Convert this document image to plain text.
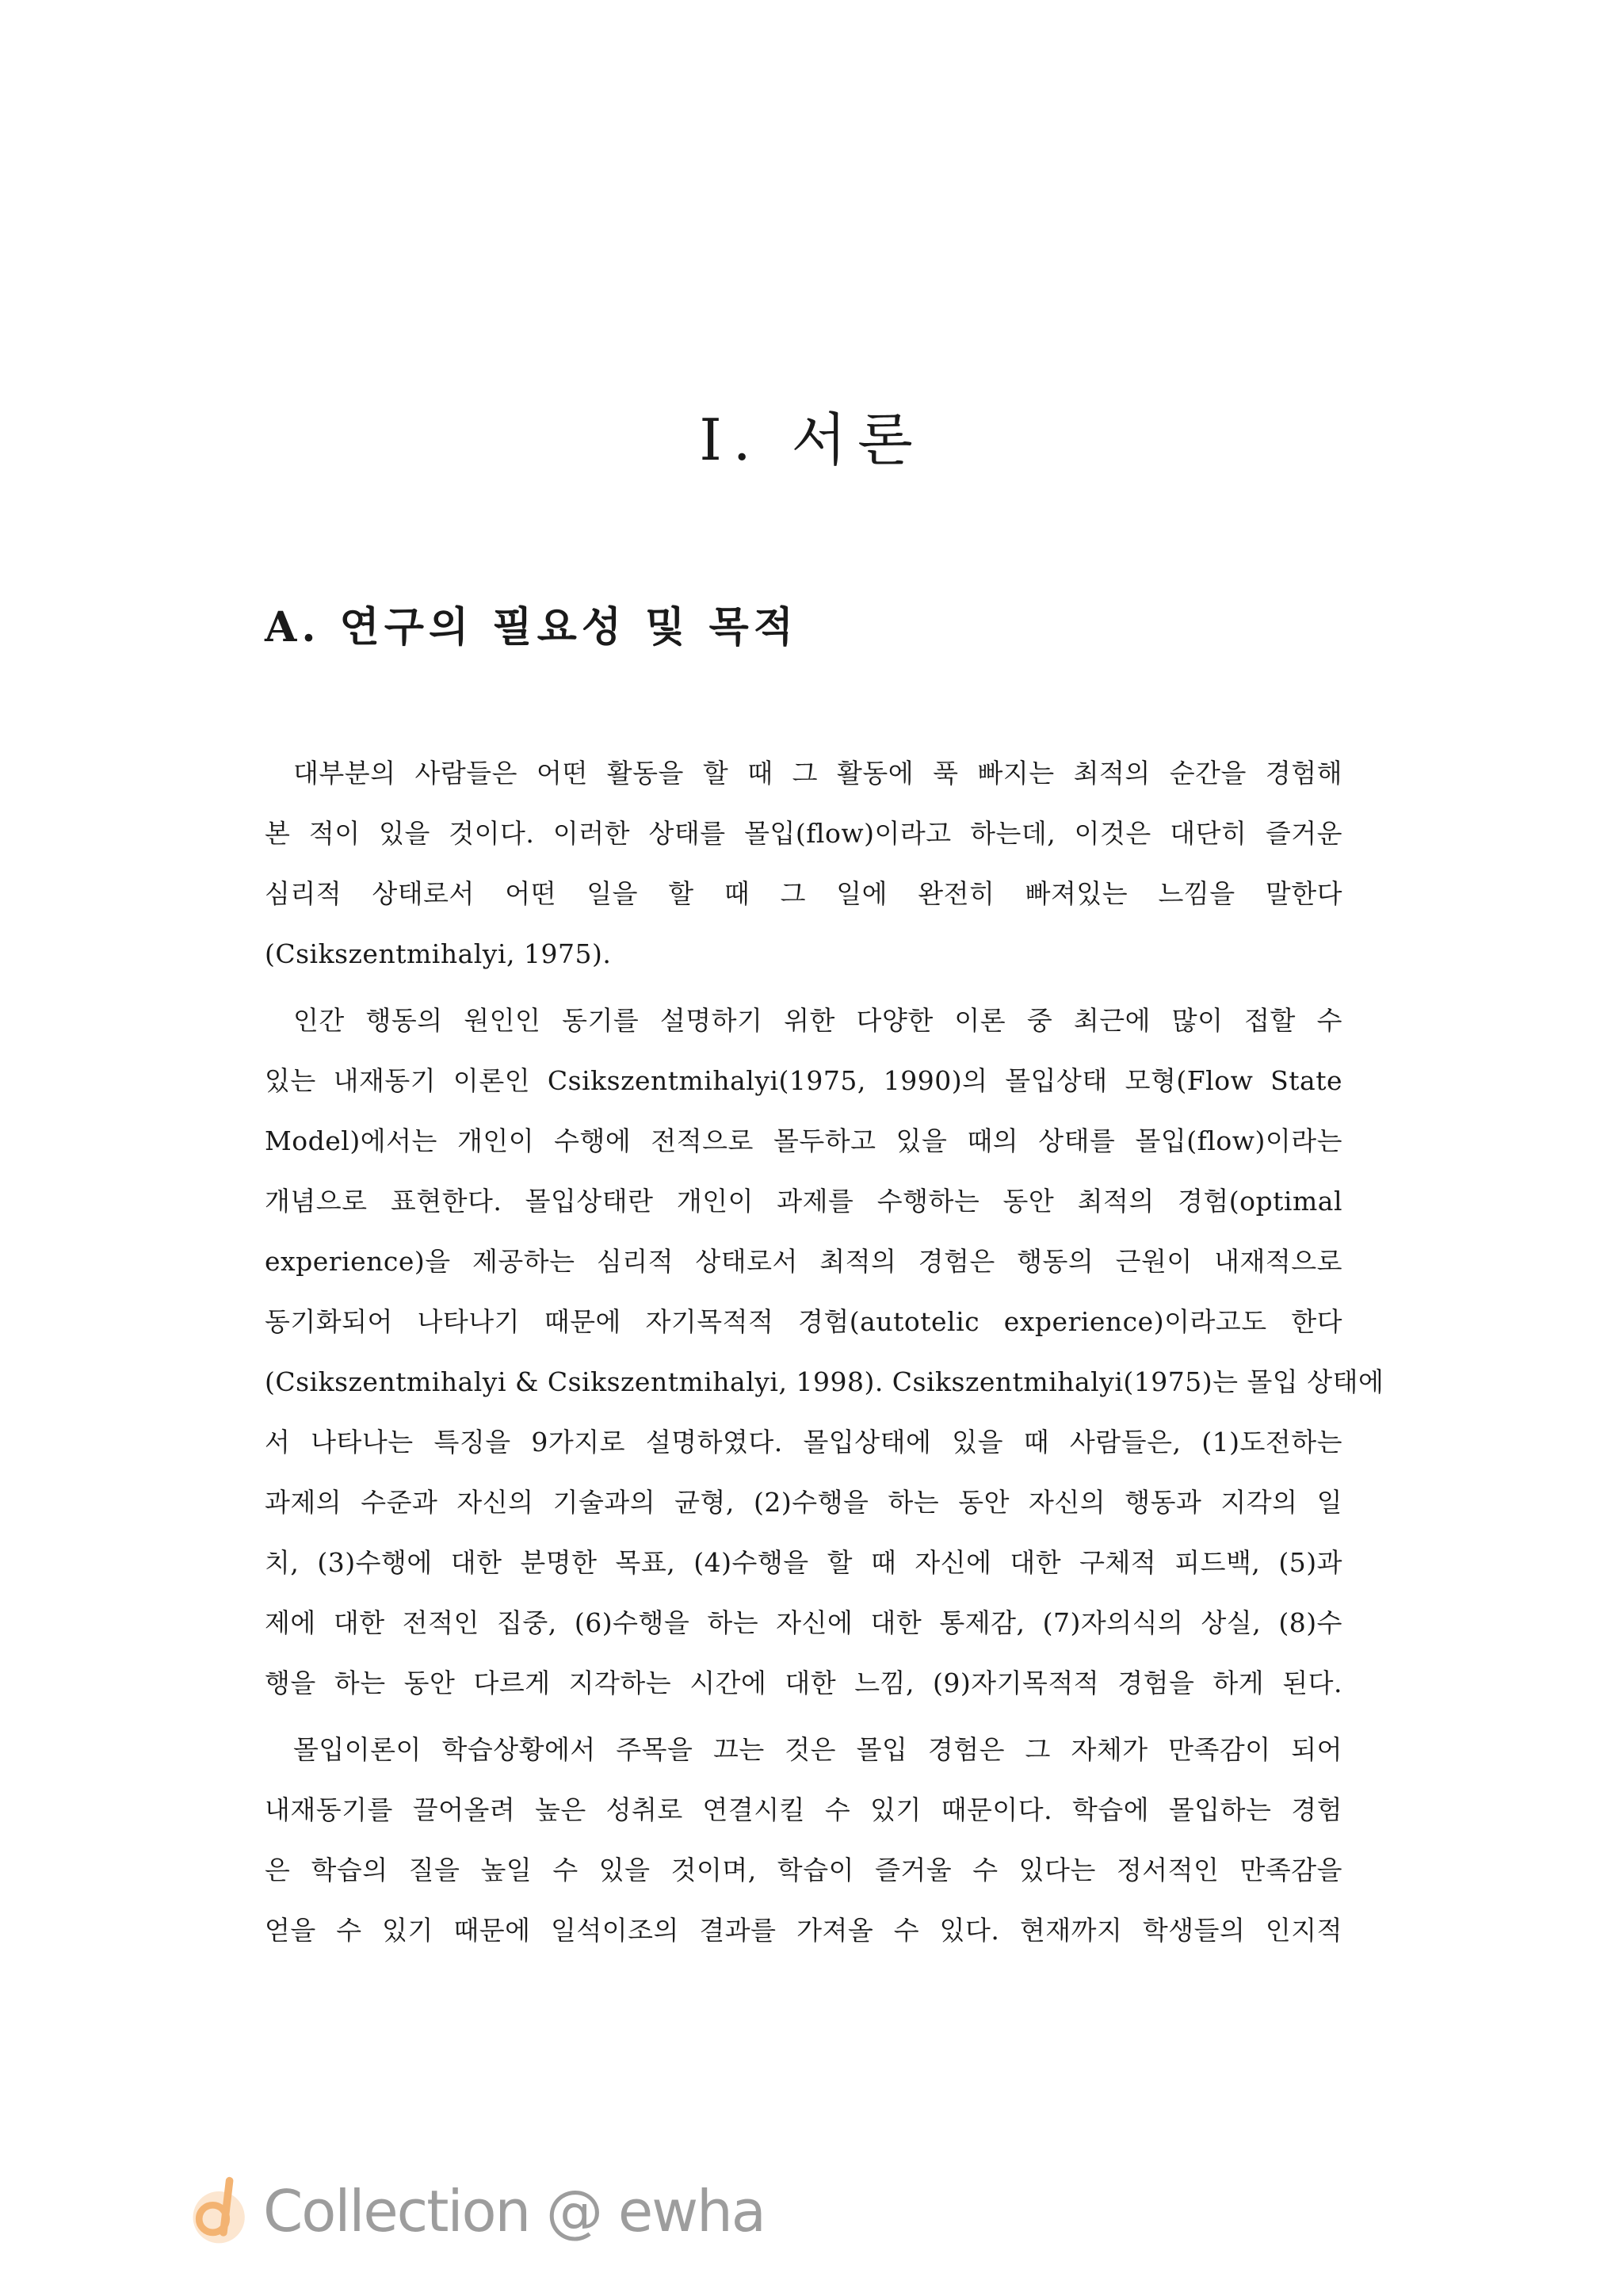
I. 서론
A. 연구의 필요성 및 목적

대부분의 사람들은 어떤 활동을 할 때 그 활동에 푹 빠지는 최적의 순간을 경험해
본 적이 있을 것이다. 이러한 상태를 몰입(flow)이라고 하는데, 이것은 대단히 즐거운
심리적 상태로서 어떤 일을 할 때 그 일에 완전히 빠져있는 느낌을 말한다
(Csikszentmihalyi, 1975).

인간 행동의 원인인 동기를 설명하기 위한 다양한 이론 중 최근에 많이 접할 수
있는 내재동기 이론인 Csikszentmihalyi(1975, 1990)의 몰입상태 모형(Flow State
Model)에서는 개인이 수행에 전적으로 몰두하고 있을 때의 상태를 몰입(flow)이라는
개념으로 표현한다. 몰입상태란 개인이 과제를 수행하는 동안 최적의 경험(optimal
experience)을 제공하는 심리적 상태로서 최적의 경험은 행동의 근원이 내재적으로
동기화되어 나타나기 때문에 자기목적적 경험(autotelic experience)이라고도 한다
(Csikszentmihalyi & Csikszentmihalyi, 1998). Csikszentmihalyi(1975)는 몰입 상태에
서 나타나는 특징을 9가지로 설명하였다. 몰입상태에 있을 때 사람들은, (1)도전하는
과제의 수준과 자신의 기술과의 균형, (2)수행을 하는 동안 자신의 행동과 지각의 일
치, (3)수행에 대한 분명한 목표, (4)수행을 할 때 자신에 대한 구체적 피드백, (5)과
제에 대한 전적인 집중, (6)수행을 하는 자신에 대한 통제감, (7)자의식의 상실, (8)수
행을 하는 동안 다르게 지각하는 시간에 대한 느낌, (9)자기목적적 경험을 하게 된다.

몰입이론이 학습상황에서 주목을 끄는 것은 몰입 경험은 그 자체가 만족감이 되어
내재동기를 끌어올려 높은 성취로 연결시킬 수 있기 때문이다. 학습에 몰입하는 경험
은 학습의 질을 높일 수 있을 것이며, 학습이 즐거울 수 있다는 정서적인 만족감을
얻을 수 있기 때문에 일석이조의 결과를 가져올 수 있다. 현재까지 학생들의 인지적

Collection @ ewha
